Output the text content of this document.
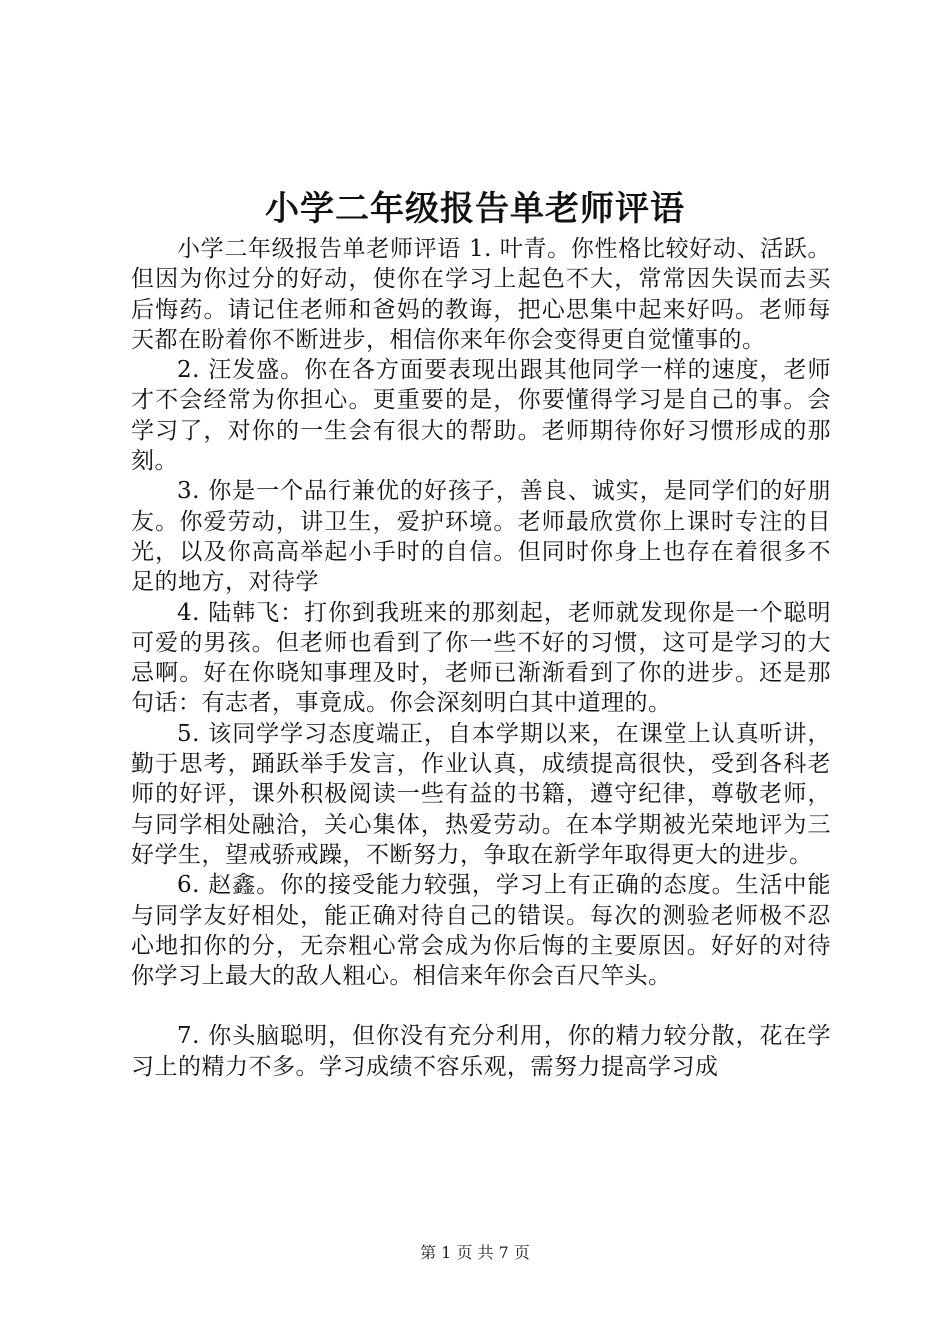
小学二年级报告单老师评语

小学二年级报告单老师评语 1. 叶青。你性格比较好动、活跃。但因为你过分的好动，使你在学习上起色不大，常常因失误而去买后悔药。请记住老师和爸妈的教诲，把心思集中起来好吗。老师每天都在盼着你不断进步，相信你来年你会变得更自觉懂事的。

2. 汪发盛。你在各方面要表现出跟其他同学一样的速度，老师才不会经常为你担心。更重要的是，你要懂得学习是自己的事。会学习了，对你的一生会有很大的帮助。老师期待你好习惯形成的那刻。

3. 你是一个品行兼优的好孩子，善良、诚实，是同学们的好朋友。你爱劳动，讲卫生，爱护环境。老师最欣赏你上课时专注的目光，以及你高高举起小手时的自信。但同时你身上也存在着很多不足的地方，对待学

4. 陆韩飞：打你到我班来的那刻起，老师就发现你是一个聪明可爱的男孩。但老师也看到了你一些不好的习惯，这可是学习的大忌啊。好在你晓知事理及时，老师已渐渐看到了你的进步。还是那句话：有志者，事竟成。你会深刻明白其中道理的。

5. 该同学学习态度端正，自本学期以来，在课堂上认真听讲，勤于思考，踊跃举手发言，作业认真，成绩提高很快，受到各科老师的好评，课外积极阅读一些有益的书籍，遵守纪律，尊敬老师，与同学相处融洽，关心集体，热爱劳动。在本学期被光荣地评为三好学生，望戒骄戒躁，不断努力，争取在新学年取得更大的进步。

6. 赵鑫。你的接受能力较强，学习上有正确的态度。生活中能与同学友好相处，能正确对待自己的错误。每次的测验老师极不忍心地扣你的分，无奈粗心常会成为你后悔的主要原因。好好的对待你学习上最大的敌人粗心。相信来年你会百尺竿头。

7. 你头脑聪明，但你没有充分利用，你的精力较分散，花在学习上的精力不多。学习成绩不容乐观，需努力提高学习成

第 1 页 共 7 页
